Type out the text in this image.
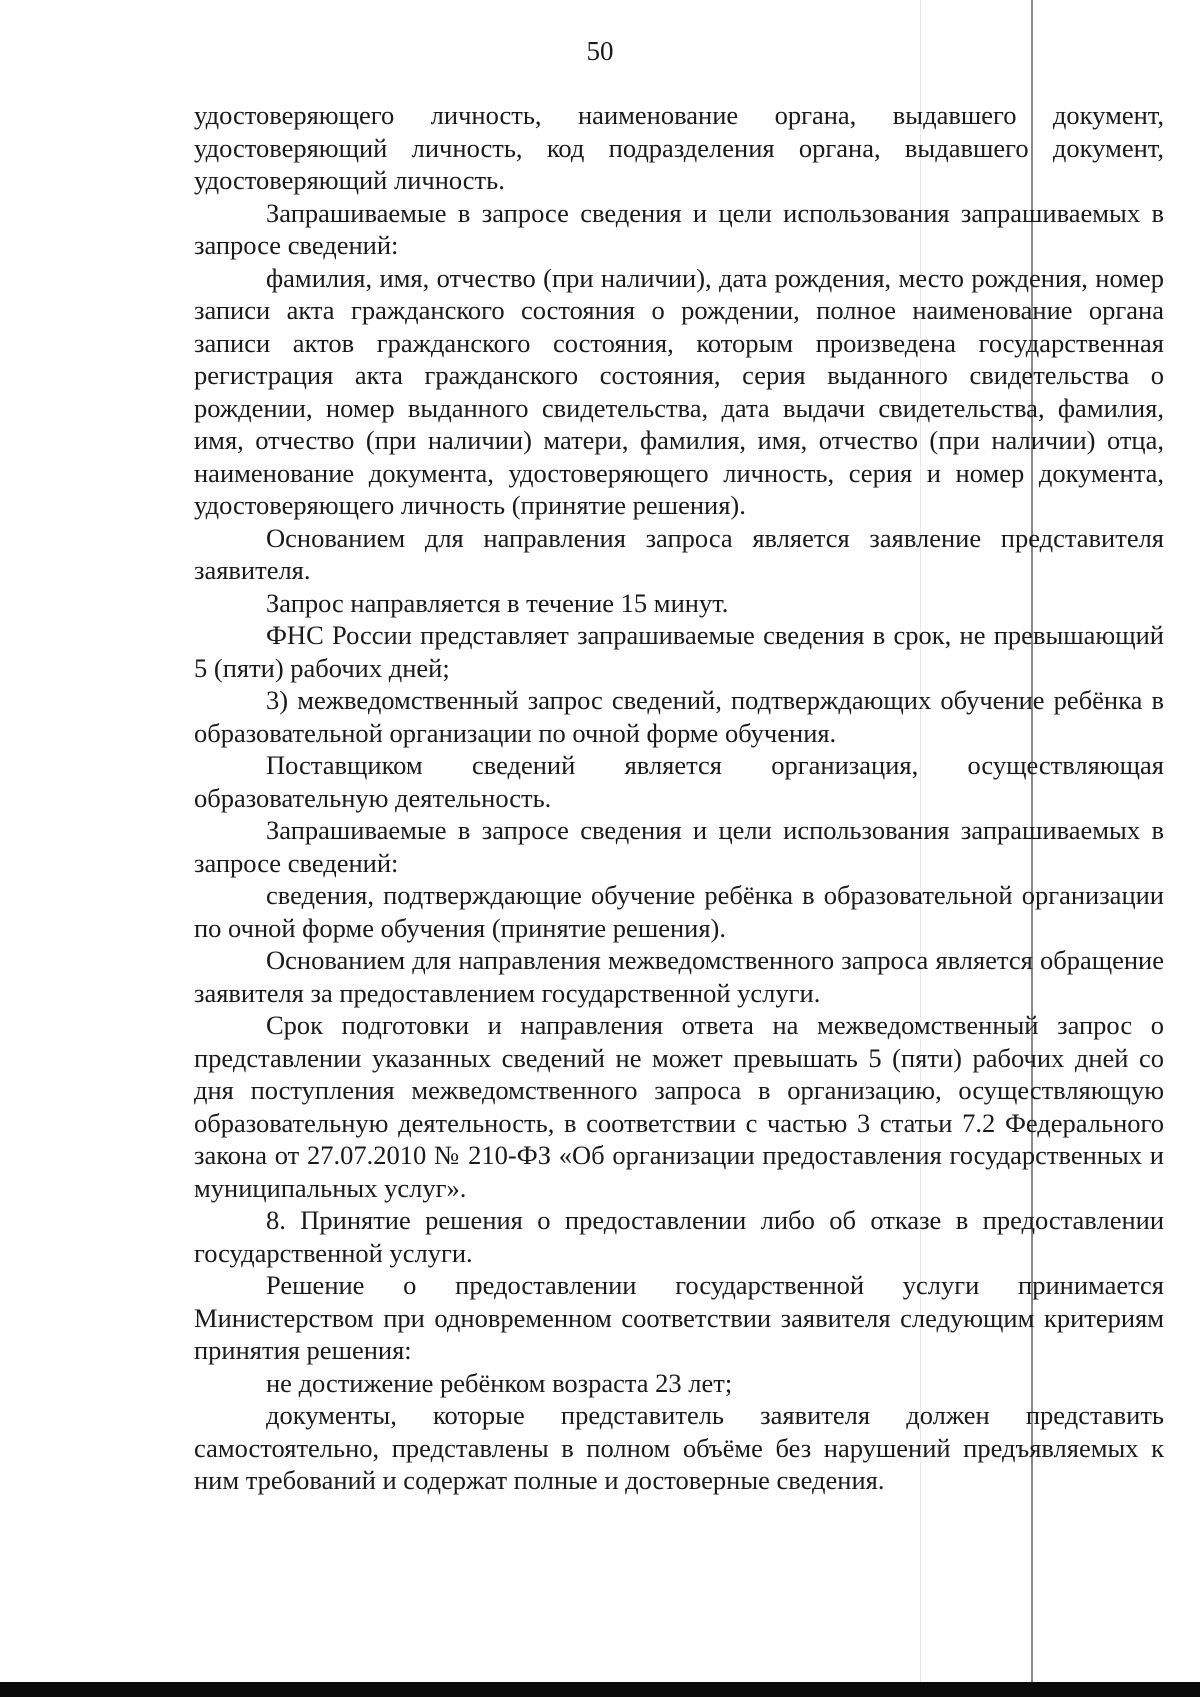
50

удостоверяющего личность, наименование органа, выдавшего документ, удостоверяющий личность, код подразделения органа, выдавшего документ, удостоверяющий личность.

Запрашиваемые в запросе сведения и цели использования запрашиваемых в запросе сведений:

фамилия, имя, отчество (при наличии), дата рождения, место рождения, номер записи акта гражданского состояния о рождении, полное наименование органа записи актов гражданского состояния, которым произведена государственная регистрация акта гражданского состояния, серия выданного свидетельства о рождении, номер выданного свидетельства, дата выдачи свидетельства, фамилия, имя, отчество (при наличии) матери, фамилия, имя, отчество (при наличии) отца, наименование документа, удостоверяющего личность, серия и номер документа, удостоверяющего личность (принятие решения).

Основанием для направления запроса является заявление представителя заявителя.

Запрос направляется в течение 15 минут.

ФНС России представляет запрашиваемые сведения в срок, не превышающий 5 (пяти) рабочих дней;

3) межведомственный запрос сведений, подтверждающих обучение ребёнка в образовательной организации по очной форме обучения.

Поставщиком сведений является организация, осуществляющая образовательную деятельность.

Запрашиваемые в запросе сведения и цели использования запрашиваемых в запросе сведений:

сведения, подтверждающие обучение ребёнка в образовательной организации по очной форме обучения (принятие решения).

Основанием для направления межведомственного запроса является обращение заявителя за предоставлением государственной услуги.

Срок подготовки и направления ответа на межведомственный запрос о представлении указанных сведений не может превышать 5 (пяти) рабочих дней со дня поступления межведомственного запроса в организацию, осуществляющую образовательную деятельность, в соответствии с частью 3 статьи 7.2 Федерального закона от 27.07.2010 № 210-ФЗ «Об организации предоставления государственных и муниципальных услуг».

8. Принятие решения о предоставлении либо об отказе в предоставлении государственной услуги.

Решение о предоставлении государственной услуги принимается Министерством при одновременном соответствии заявителя следующим критериям принятия решения:

не достижение ребёнком возраста 23 лет;

документы, которые представитель заявителя должен представить самостоятельно, представлены в полном объёме без нарушений предъявляемых к ним требований и содержат полные и достоверные сведения.
